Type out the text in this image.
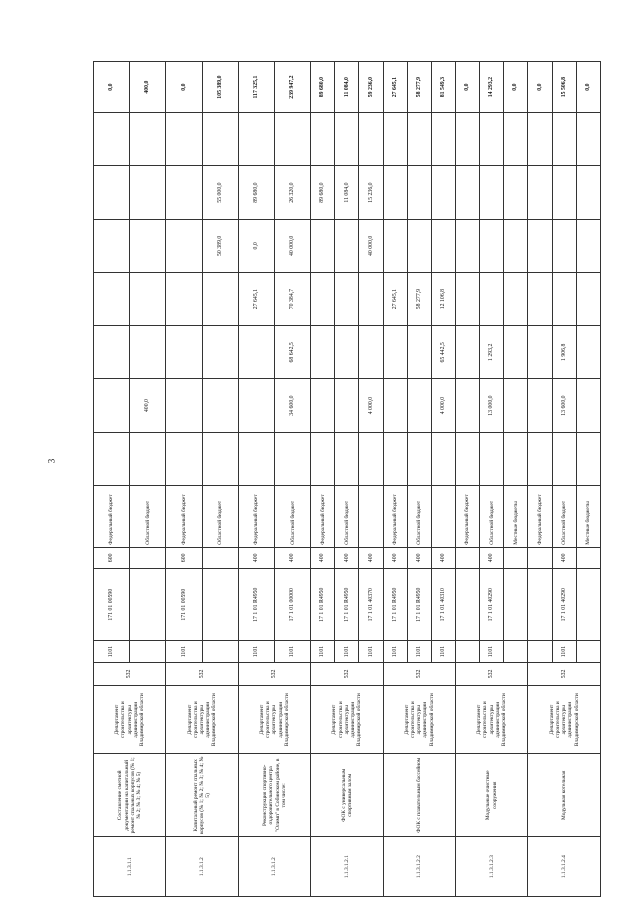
3
1.1.3.1.1	Составление сметной документации на капитальный ремонт спальных корпусов (№ 1; № 2; № 3; № 4; № 5)	Департамент строительства и архитектуры администрации Владимирской области	532	1101	171 01 00590	600	Федеральный бюджет								0,0
							Областной бюджет		400,0						400,0
1.1.3.1.2	Капитальный ремонт спальных корпусов (№ 1; № 2; № 3; № 4; № 5)	Департамент строительства и архитектуры администрации Владимирской области	532	1101	171 01 00590	600	Федеральный бюджет								0,0
							Областной бюджет					50 389,0	55 000,0		105 389,0
1.1.3.1.2	Реконструкция спортивно-оздоровительного центра "Олимп" в Собинском районе, в том числе:	Департамент строительства и архитектуры администрации Владимирской области	532	1101	17 1 01 R4950	400	Федеральный бюджет				27 645,1	0,0	89 680,0		117 325,1
				1101	17 1 01 00000	400	Областной бюджет		34 600,0	68 642,5	70 384,7	40 000,0	26 320,0		239 947,2
1.1.3.1.2.1	ФОК с универсальным спортивным залом	Департамент строительства и архитектуры администрации Владимирской области	532	1101	17 1 01 R4950	400	Федеральный бюджет						89 680,0		89 680,0
				1101	17 1 01 R4950	400	Областной бюджет						11 084,0		11 084,0
				1101	17 1 01 40370	400			4 000,0			40 000,0	15 236,0		59 236,0
1.1.3.1.2.2	ФОК с плавательным бассейном	Департамент строительства и архитектуры администрации Владимирской области	532	1101	17 1 01 R4950	400	Федеральный бюджет				27 645,1				27 645,1
				1101	17 1 01 R4950	400	Областной бюджет				58 277,9				58 277,9
				1101	17 1 01 40310	400			4 000,0	65 442,5	12 106,8				81 549,3
1.1.3.1.2.3	Модульные очистные сооружения	Департамент строительства и архитектуры администрации Владимирской области	532				Федеральный бюджет								0,0
				1101	17 1 01 40290	400	Областной бюджет		13 000,0	1 293,2					14 293,2
							Местные бюджеты								0,0
1.1.3.1.2.4	Модульная котельная	Департамент строительства и архитектуры администрации Владимирской области	532				Федеральный бюджет								0,0
				1101	17 1 01 40290	400	Областной бюджет		13 600,0	1 906,8					15 506,8
							Местные бюджеты								0,0
